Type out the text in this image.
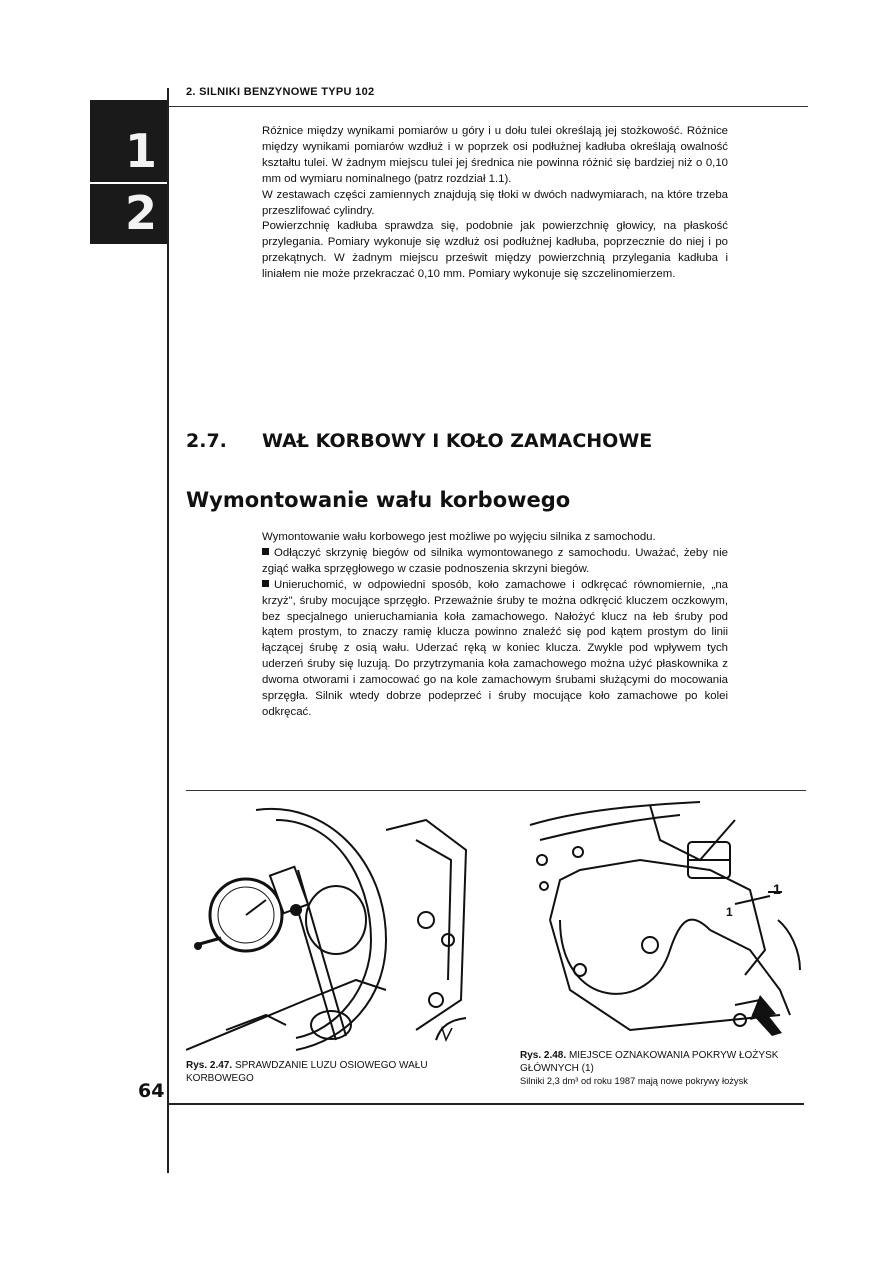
1
2
2. SILNIKI BENZYNOWE TYPU 102

Różnice między wynikami pomiarów u góry i u dołu tulei określają jej stożkowość. Różnice między wynikami pomiarów wzdłuż i w poprzek osi podłużnej kadłuba określają owalność kształtu tulei. W żadnym miejscu tulei jej średnica nie powinna różnić się bardziej niż o 0,10 mm od wymiaru nominalnego (patrz rozdział 1.1).

W zestawach części zamiennych znajdują się tłoki w dwóch nadwymiarach, na które trzeba przeszlifować cylindry.

Powierzchnię kadłuba sprawdza się, podobnie jak powierzchnię głowicy, na płaskość przylegania. Pomiary wykonuje się wzdłuż osi podłużnej kadłuba, poprzecznie do niej i po przekątnych. W żadnym miejscu prześwit między powierzchnią przylegania kadłuba i liniałem nie może przekraczać 0,10 mm. Pomiary wykonuje się szczelinomierzem.

2.7. WAŁ KORBOWY I KOŁO ZAMACHOWE
Wymontowanie wału korbowego

Wymontowanie wału korbowego jest możliwe po wyjęciu silnika z samochodu.

Odłączyć skrzynię biegów od silnika wymontowanego z samochodu. Uważać, żeby nie zgiąć wałka sprzęgłowego w czasie podnoszenia skrzyni biegów.

Unieruchomić, w odpowiedni sposób, koło zamachowe i odkręcać równomiernie, „na krzyż", śruby mocujące sprzęgło. Przeważnie śruby te można odkręcić kluczem oczkowym, bez specjalnego unieruchamiania koła zamachowego. Nałożyć klucz na łeb śruby pod kątem prostym, to znaczy ramię klucza powinno znaleźć się pod kątem prostym do linii łączącej śrubę z osią wału. Uderzać ręką w koniec klucza. Zwykle pod wpływem tych uderzeń śruby się luzują. Do przytrzymania koła zamachowego można użyć płaskownika z dwoma otworami i zamocować go na kole zamachowym śrubami służącymi do mocowania sprzęgła. Silnik wtedy dobrze podeprzeć i śruby mocujące koło zamachowe po kolei odkręcać.

1
1
Rys. 2.47. SPRAWDZANIE LUZU OSIOWEGO WAŁU KORBOWEGO
Rys. 2.48. MIEJSCE OZNAKOWANIA POKRYW ŁOŻYSK GŁÓWNYCH (1)
Silniki 2,3 dm³ od roku 1987 mają nowe pokrywy łożysk
64
